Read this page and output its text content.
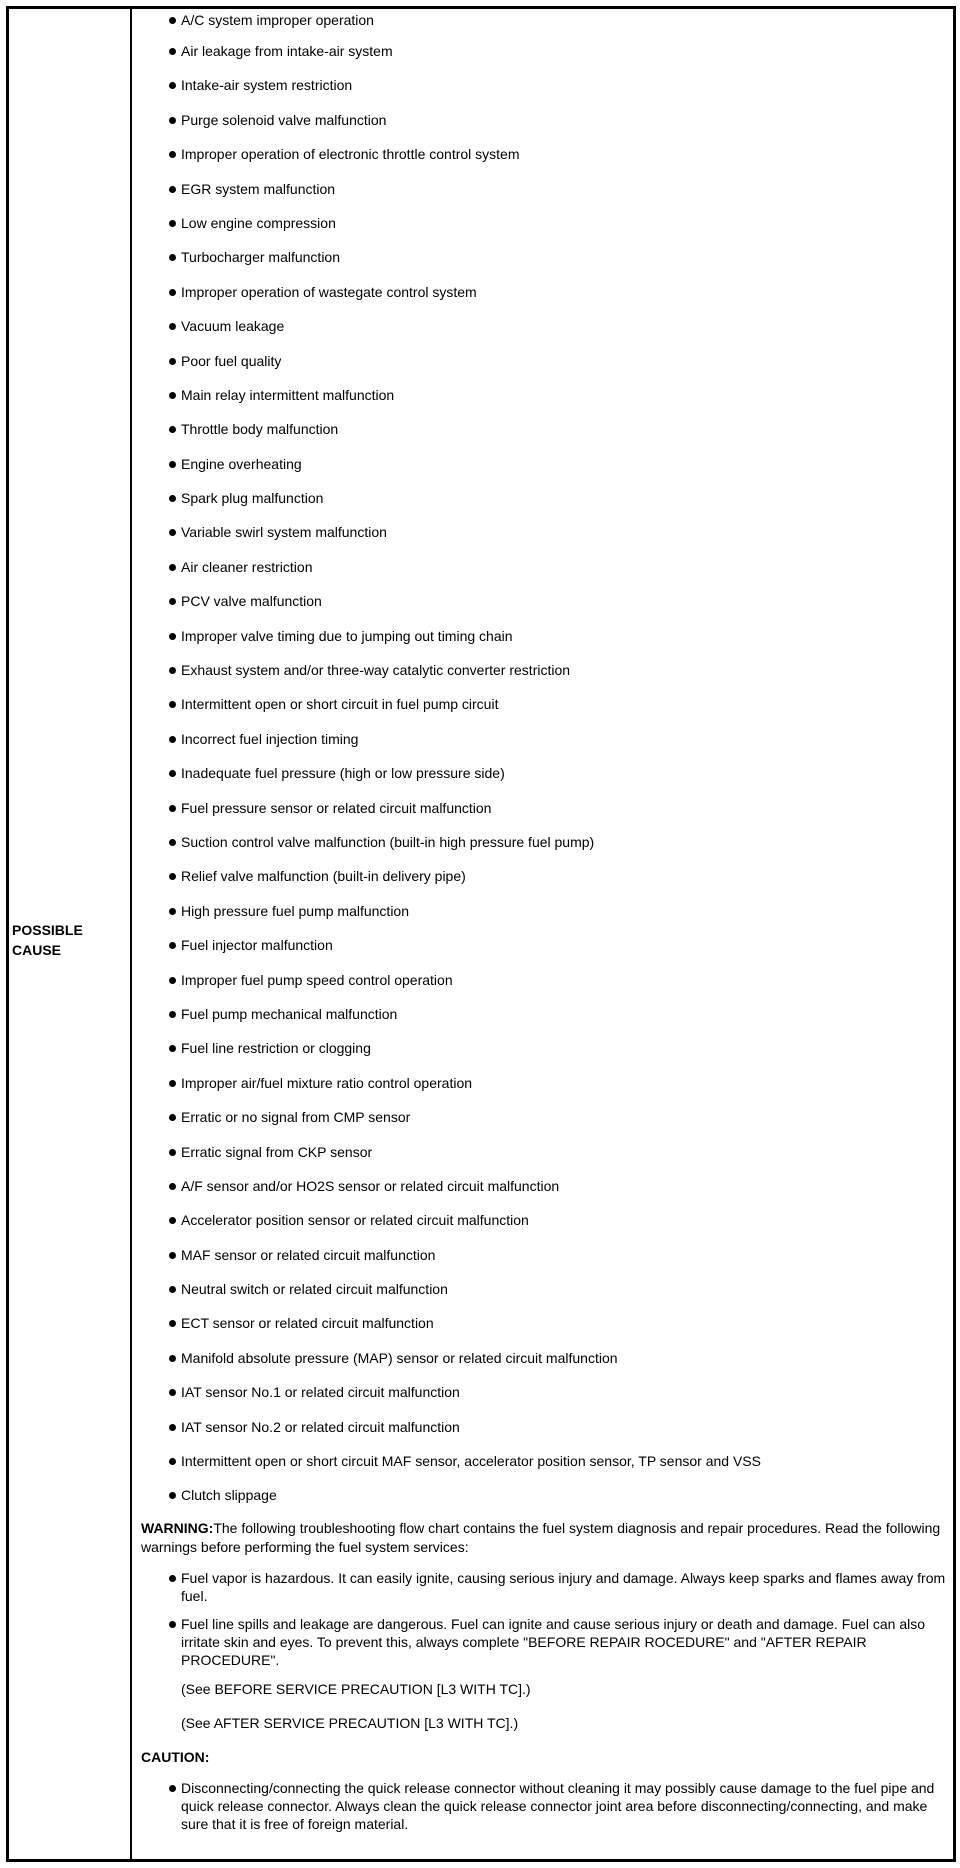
POSSIBLE CAUSE
A/C system improper operation
Air leakage from intake-air system
Intake-air system restriction
Purge solenoid valve malfunction
Improper operation of electronic throttle control system
EGR system malfunction
Low engine compression
Turbocharger malfunction
Improper operation of wastegate control system
Vacuum leakage
Poor fuel quality
Main relay intermittent malfunction
Throttle body malfunction
Engine overheating
Spark plug malfunction
Variable swirl system malfunction
Air cleaner restriction
PCV valve malfunction
Improper valve timing due to jumping out timing chain
Exhaust system and/or three-way catalytic converter restriction
Intermittent open or short circuit in fuel pump circuit
Incorrect fuel injection timing
Inadequate fuel pressure (high or low pressure side)
Fuel pressure sensor or related circuit malfunction
Suction control valve malfunction (built-in high pressure fuel pump)
Relief valve malfunction (built-in delivery pipe)
High pressure fuel pump malfunction
Fuel injector malfunction
Improper fuel pump speed control operation
Fuel pump mechanical malfunction
Fuel line restriction or clogging
Improper air/fuel mixture ratio control operation
Erratic or no signal from CMP sensor
Erratic signal from CKP sensor
A/F sensor and/or HO2S sensor or related circuit malfunction
Accelerator position sensor or related circuit malfunction
MAF sensor or related circuit malfunction
Neutral switch or related circuit malfunction
ECT sensor or related circuit malfunction
Manifold absolute pressure (MAP) sensor or related circuit malfunction
IAT sensor No.1 or related circuit malfunction
IAT sensor No.2 or related circuit malfunction
Intermittent open or short circuit MAF sensor, accelerator position sensor, TP sensor and VSS
Clutch slippage
WARNING:The following troubleshooting flow chart contains the fuel system diagnosis and repair procedures. Read the following warnings before performing the fuel system services:
Fuel vapor is hazardous. It can easily ignite, causing serious injury and damage. Always keep sparks and flames away from fuel.
Fuel line spills and leakage are dangerous. Fuel can ignite and cause serious injury or death and damage. Fuel can also irritate skin and eyes. To prevent this, always complete "BEFORE REPAIR ROCEDURE" and "AFTER REPAIR PROCEDURE".
(See BEFORE SERVICE PRECAUTION [L3 WITH TC].)
(See AFTER SERVICE PRECAUTION [L3 WITH TC].)
CAUTION:
Disconnecting/connecting the quick release connector without cleaning it may possibly cause damage to the fuel pipe and quick release connector. Always clean the quick release connector joint area before disconnecting/connecting, and make sure that it is free of foreign material.
